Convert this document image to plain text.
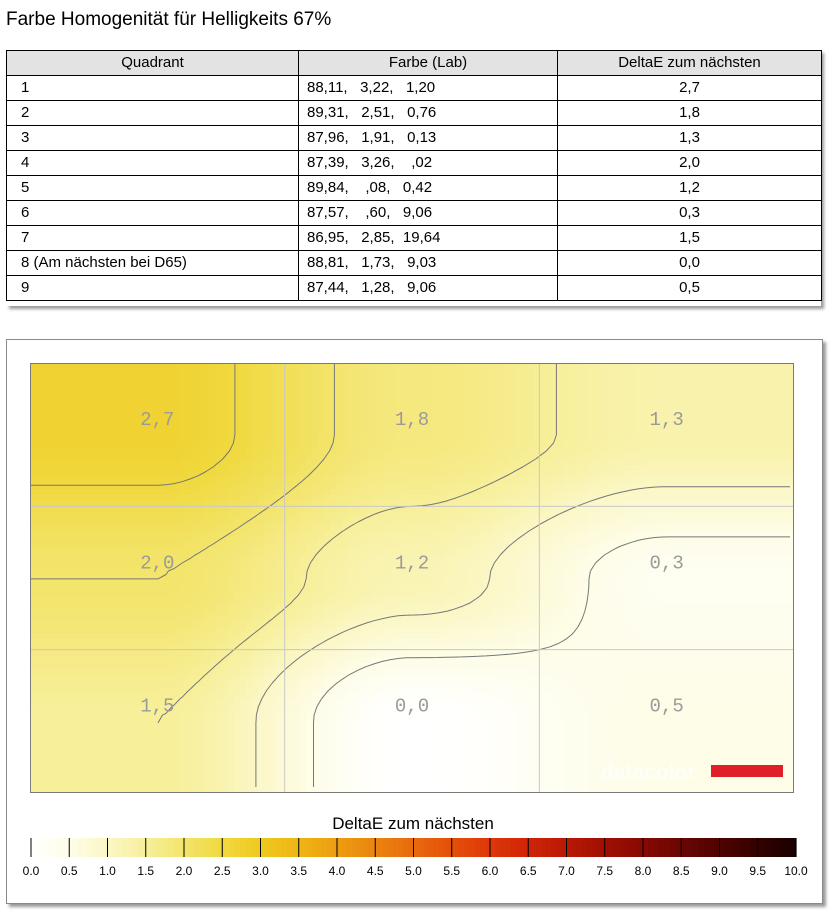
Farbe Homogenität für Helligkeits 67%
Quadrant	Farbe (Lab)	DeltaE zum nächsten
1	88,11,   3,22,   1,20	2,7
2	89,31,   2,51,   0,76	1,8
3	87,96,   1,91,   0,13	1,3
4	87,39,   3,26,    ,02	2,0
5	89,84,    ,08,   0,42	1,2
6	87,57,    ,60,   9,06	0,3
7	86,95,   2,85,  19,64	1,5
8 (Am nächsten bei D65)	88,81,   1,73,   9,03	0,0
9	87,44,   1,28,   9,06	0,5
2,7	1,8	1,3
2,0	1,2	0,3
1,5	0,0	0,5
datacolor
DeltaE zum nächsten
0.0 0.5 1.0 1.5 2.0 2.5 3.0 3.5 4.0 4.5 5.0 5.5 6.0 6.5 7.0 7.5 8.0 8.5 9.0 9.5 10.0
